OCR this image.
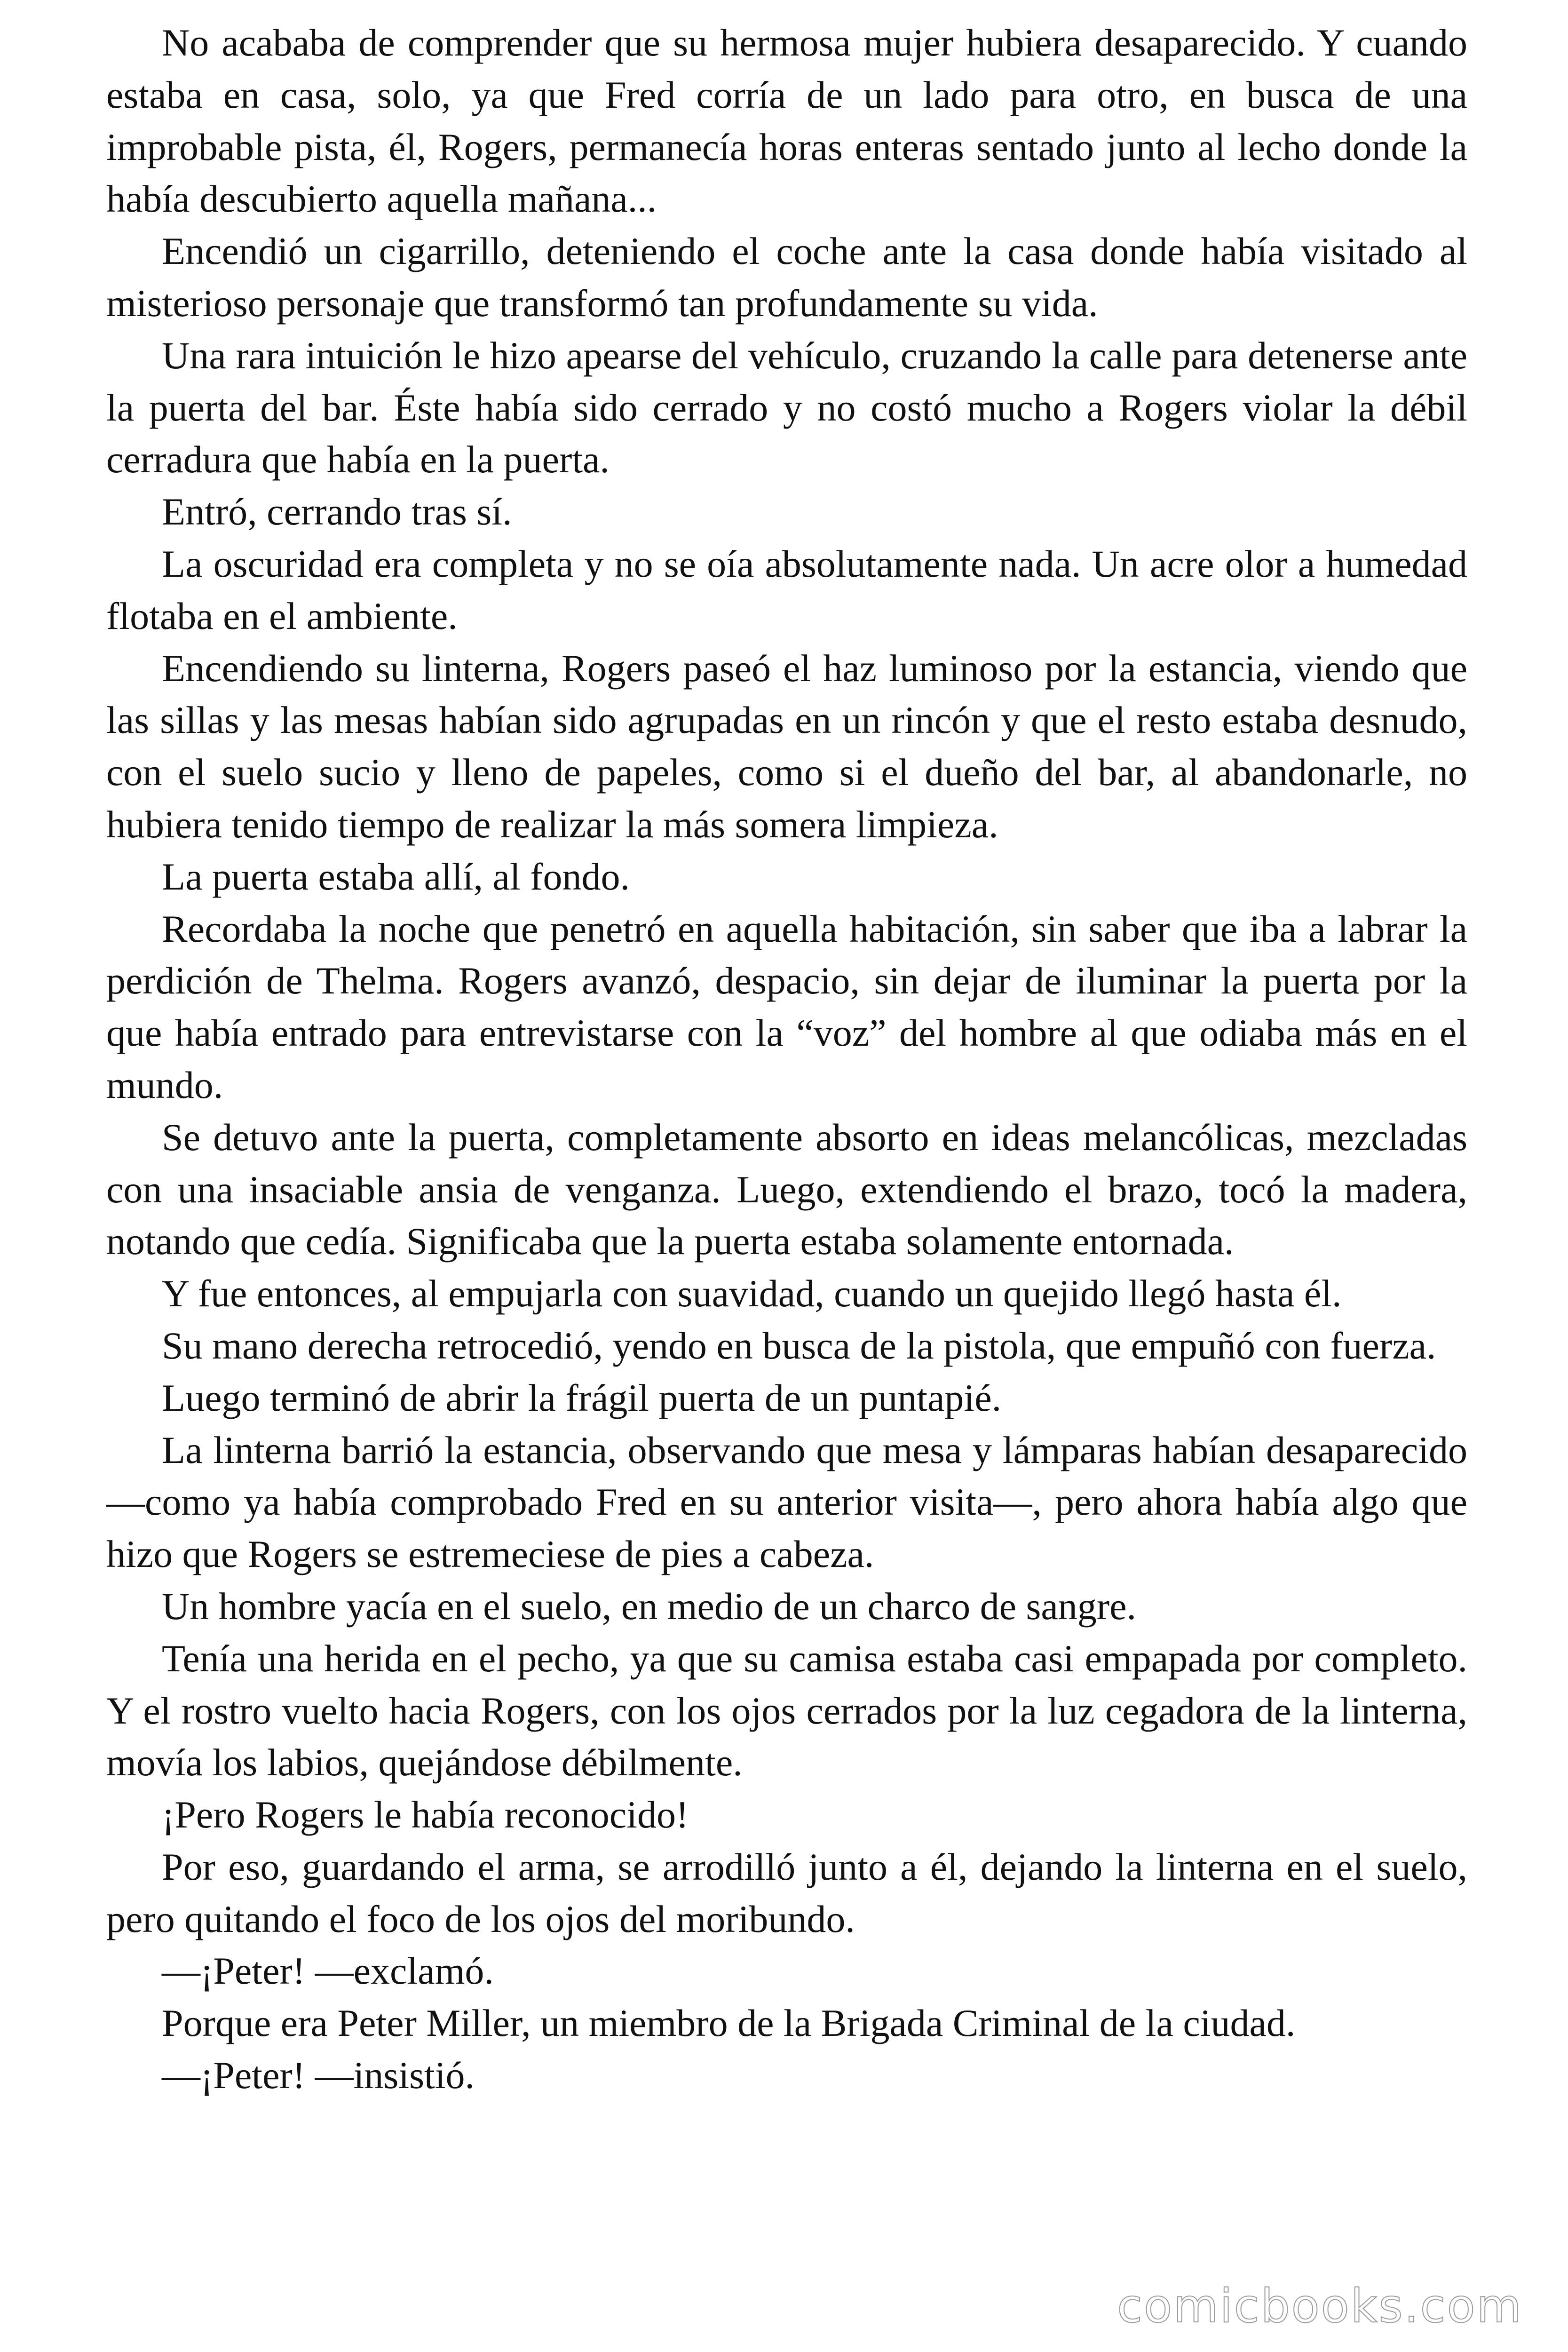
No acababa de comprender que su hermosa mujer hubiera desaparecido. Y cuando estaba en casa, solo, ya que Fred corría de un lado para otro, en busca de una improbable pista, él, Rogers, permanecía horas enteras sentado junto al lecho donde la había descubierto aquella mañana...

Encendió un cigarrillo, deteniendo el coche ante la casa donde había visitado al misterioso personaje que transformó tan profundamente su vida.

Una rara intuición le hizo apearse del vehículo, cruzando la calle para detenerse ante la puerta del bar. Éste había sido cerrado y no costó mucho a Rogers violar la débil cerradura que había en la puerta.

Entró, cerrando tras sí.

La oscuridad era completa y no se oía absolutamente nada. Un acre olor a humedad flotaba en el ambiente.

Encendiendo su linterna, Rogers paseó el haz luminoso por la estancia, viendo que las sillas y las mesas habían sido agrupadas en un rincón y que el resto estaba desnudo, con el suelo sucio y lleno de papeles, como si el dueño del bar, al abandonarle, no hubiera tenido tiempo de realizar la más somera limpieza.

La puerta estaba allí, al fondo.

Recordaba la noche que penetró en aquella habitación, sin saber que iba a labrar la perdición de Thelma. Rogers avanzó, despacio, sin dejar de iluminar la puerta por la que había entrado para entrevistarse con la “voz” del hombre al que odiaba más en el mundo.

Se detuvo ante la puerta, completamente absorto en ideas melancólicas, mezcladas con una insaciable ansia de venganza. Luego, extendiendo el brazo, tocó la madera, notando que cedía. Significaba que la puerta estaba solamente entornada.

Y fue entonces, al empujarla con suavidad, cuando un quejido llegó hasta él.

Su mano derecha retrocedió, yendo en busca de la pistola, que empuñó con fuerza.

Luego terminó de abrir la frágil puerta de un puntapié.

La linterna barrió la estancia, observando que mesa y lámparas habían desaparecido —como ya había comprobado Fred en su anterior visita—, pero ahora había algo que hizo que Rogers se estremeciese de pies a cabeza.

Un hombre yacía en el suelo, en medio de un charco de sangre.

Tenía una herida en el pecho, ya que su camisa estaba casi empapada por completo. Y el rostro vuelto hacia Rogers, con los ojos cerrados por la luz cegadora de la linterna, movía los labios, quejándose débilmente.

¡Pero Rogers le había reconocido!

Por eso, guardando el arma, se arrodilló junto a él, dejando la linterna en el suelo, pero quitando el foco de los ojos del moribundo.

—¡Peter! —exclamó.

Porque era Peter Miller, un miembro de la Brigada Criminal de la ciudad.

—¡Peter! —insistió.

comicbooks.com
